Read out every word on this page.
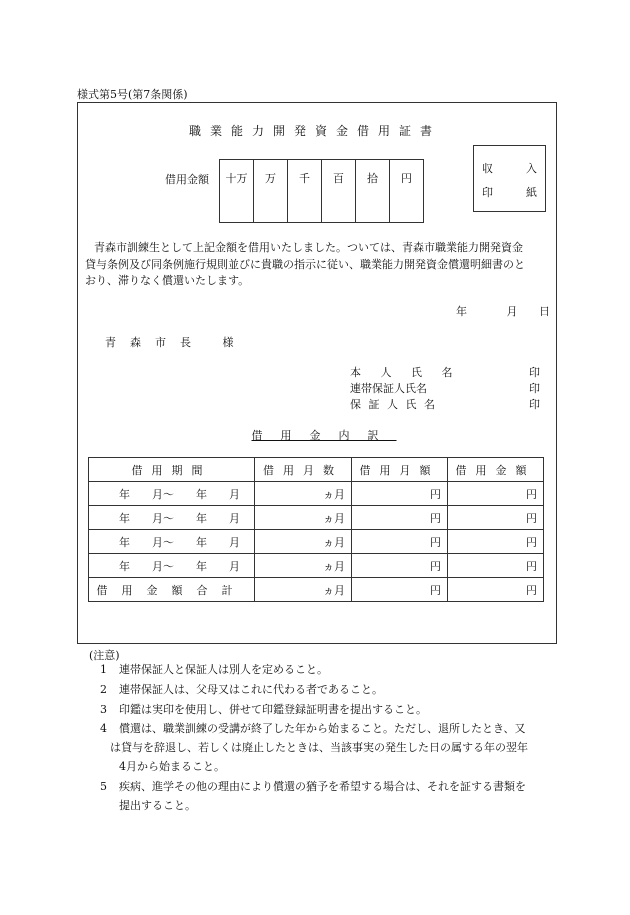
様式第5号(第7条関係)
職業能力開発資金借用証書
借用金額 十万	万	千	百	拾	円
収	入
印	紙
青森市訓練生として上記金額を借用いたしました。ついては、青森市職業能力開発資金
貸与条例及び同条例施行規則並びに貴職の指示に従い、職業能力開発資金償還明細書のと
おり、滞りなく償還いたします。
年	月 日
青森市長 様
本 人 氏 名	印
連帯保証人氏名	印
保 証 人 氏 名	印
借用金内訳
借用期間	借用月数	借用月額	借用金額
年　　月～　　年　　月	ヵ月	円	円
年　　月～　　年　　月	ヵ月	円	円
年　　月～　　年　　月	ヵ月	円	円
年　　月～　　年　　月	ヵ月	円	円
借用金額合計	ヵ月	円	円
(注意)
1 連帯保証人と保証人は別人を定めること。
2 連帯保証人は、父母又はこれに代わる者であること。
3 印鑑は実印を使用し、併せて印鑑登録証明書を提出すること。
4 償還は、職業訓練の受講が終了した年から始まること。ただし、退所したとき、又
は貸与を辞退し、若しくは廃止したときは、当該事実の発生した日の属する年の翌年
4月から始まること。
5 疾病、進学その他の理由により償還の猶予を希望する場合は、それを証する書類を
提出すること。
